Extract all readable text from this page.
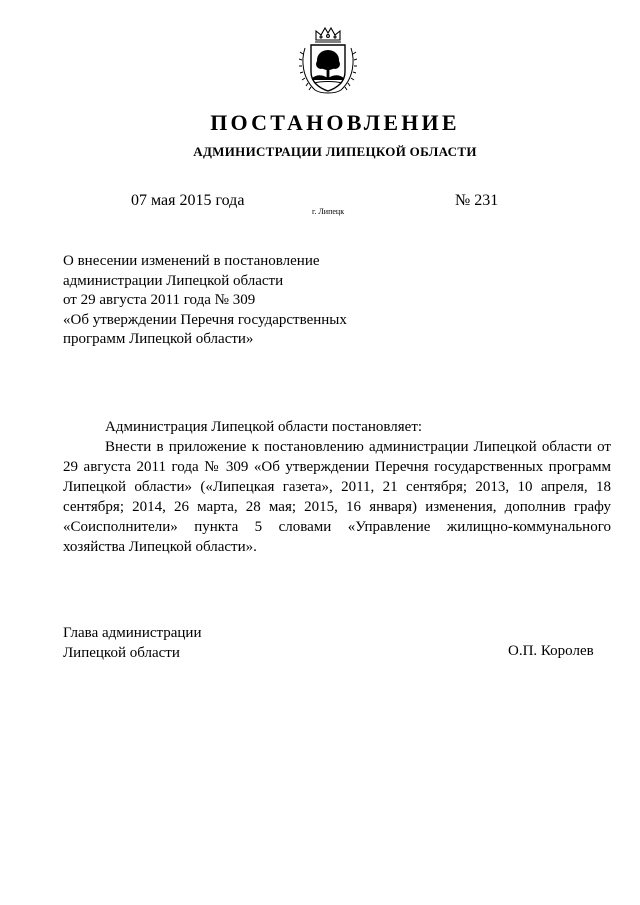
ПОСТАНОВЛЕНИЕ
АДМИНИСТРАЦИИ ЛИПЕЦКОЙ ОБЛАСТИ
07 мая 2015 года
г. Липецк
№ 231
О внесении изменений в постановление
администрации Липецкой области
от 29 августа 2011 года № 309
«Об утверждении Перечня государственных
программ Липецкой области»
Администрация Липецкой области постановляет:
Внести в приложение к постановлению администрации Липецкой области от 29 августа 2011 года № 309 «Об утверждении Перечня государственных программ Липецкой области» («Липецкая газета», 2011, 21 сентября; 2013, 10 апреля, 18 сентября; 2014, 26 марта, 28 мая; 2015, 16 января) изменения, дополнив графу «Соисполнители» пункта 5 словами «Управление жилищно-коммунального хозяйства Липецкой области».
Глава администрации
Липецкой области	О.П. Королев
